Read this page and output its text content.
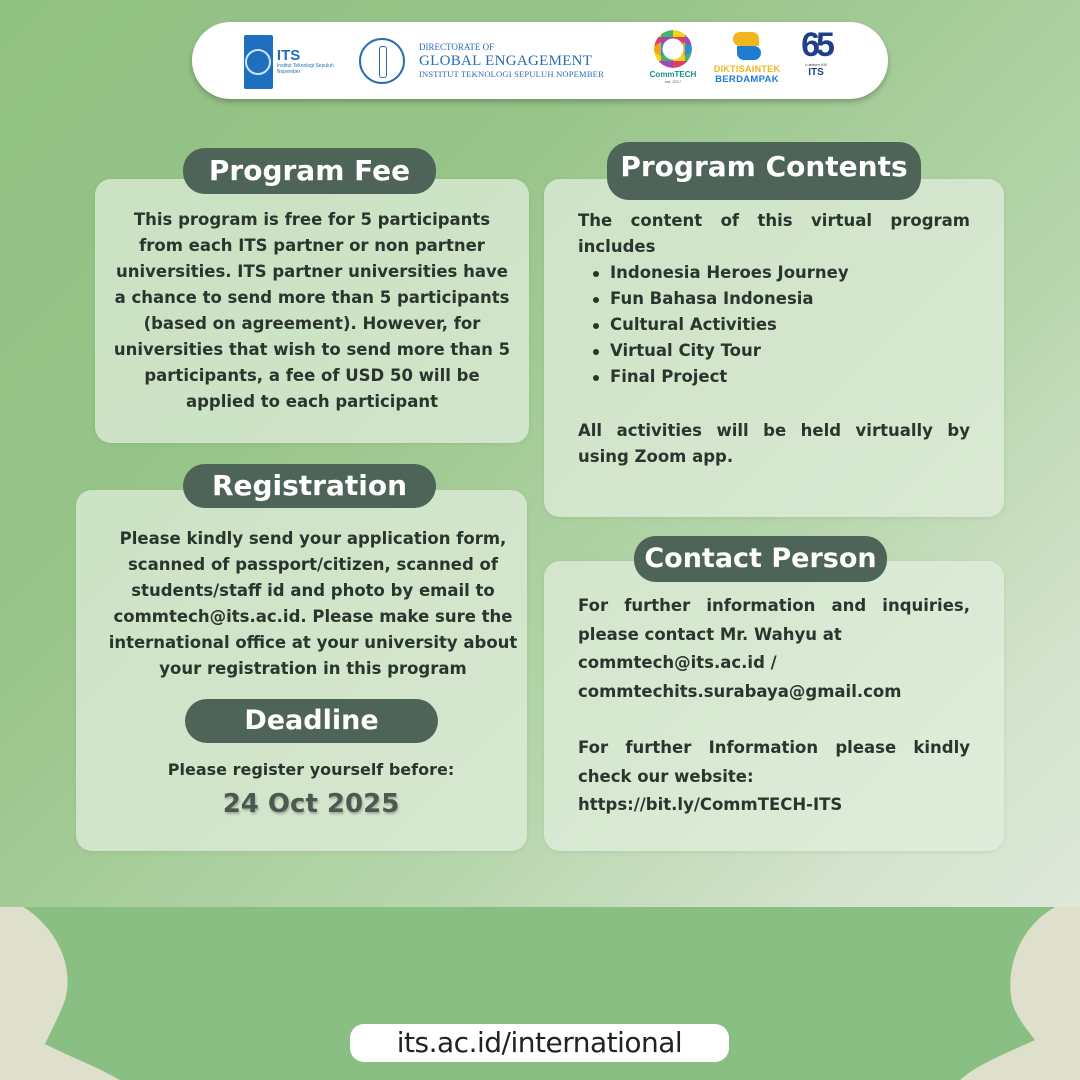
ITS
Institut Teknologi Sepuluh Nopember
DIRECTORATE OF
GLOBAL ENGAGEMENT
INSTITUT TEKNOLOGI SEPULUH NOPEMBER	CommTECH
est. 2017
DIKTISAINTEK
BERDAMPAK
65
Lustrum XIII
ITS
Program Fee
This program is free for 5 participants from each ITS partner or non partner universities. ITS partner universities have a chance to send more than 5 participants (based on agreement). However, for universities that wish to send more than 5 participants, a fee of USD 50 will be applied to each participant
Program Contents
The content of this virtual program includes
Indonesia Heroes Journey
Fun Bahasa Indonesia
Cultural Activities
Virtual City Tour
Final Project
All activities will be held virtually by using Zoom app.
Registration
Please kindly send your application form, scanned of passport/citizen, scanned of students/staff id and photo by email to commtech@its.ac.id. Please make sure the international office at your university about your registration in this program
Deadline
Please register yourself before:
24 Oct 2025
Contact Person
For further information and inquiries, please contact Mr. Wahyu at
commtech@its.ac.id /
commtechits.surabaya@gmail.com
For further Information please kindly check our website:
https://bit.ly/CommTECH-ITS
its.ac.id/international
